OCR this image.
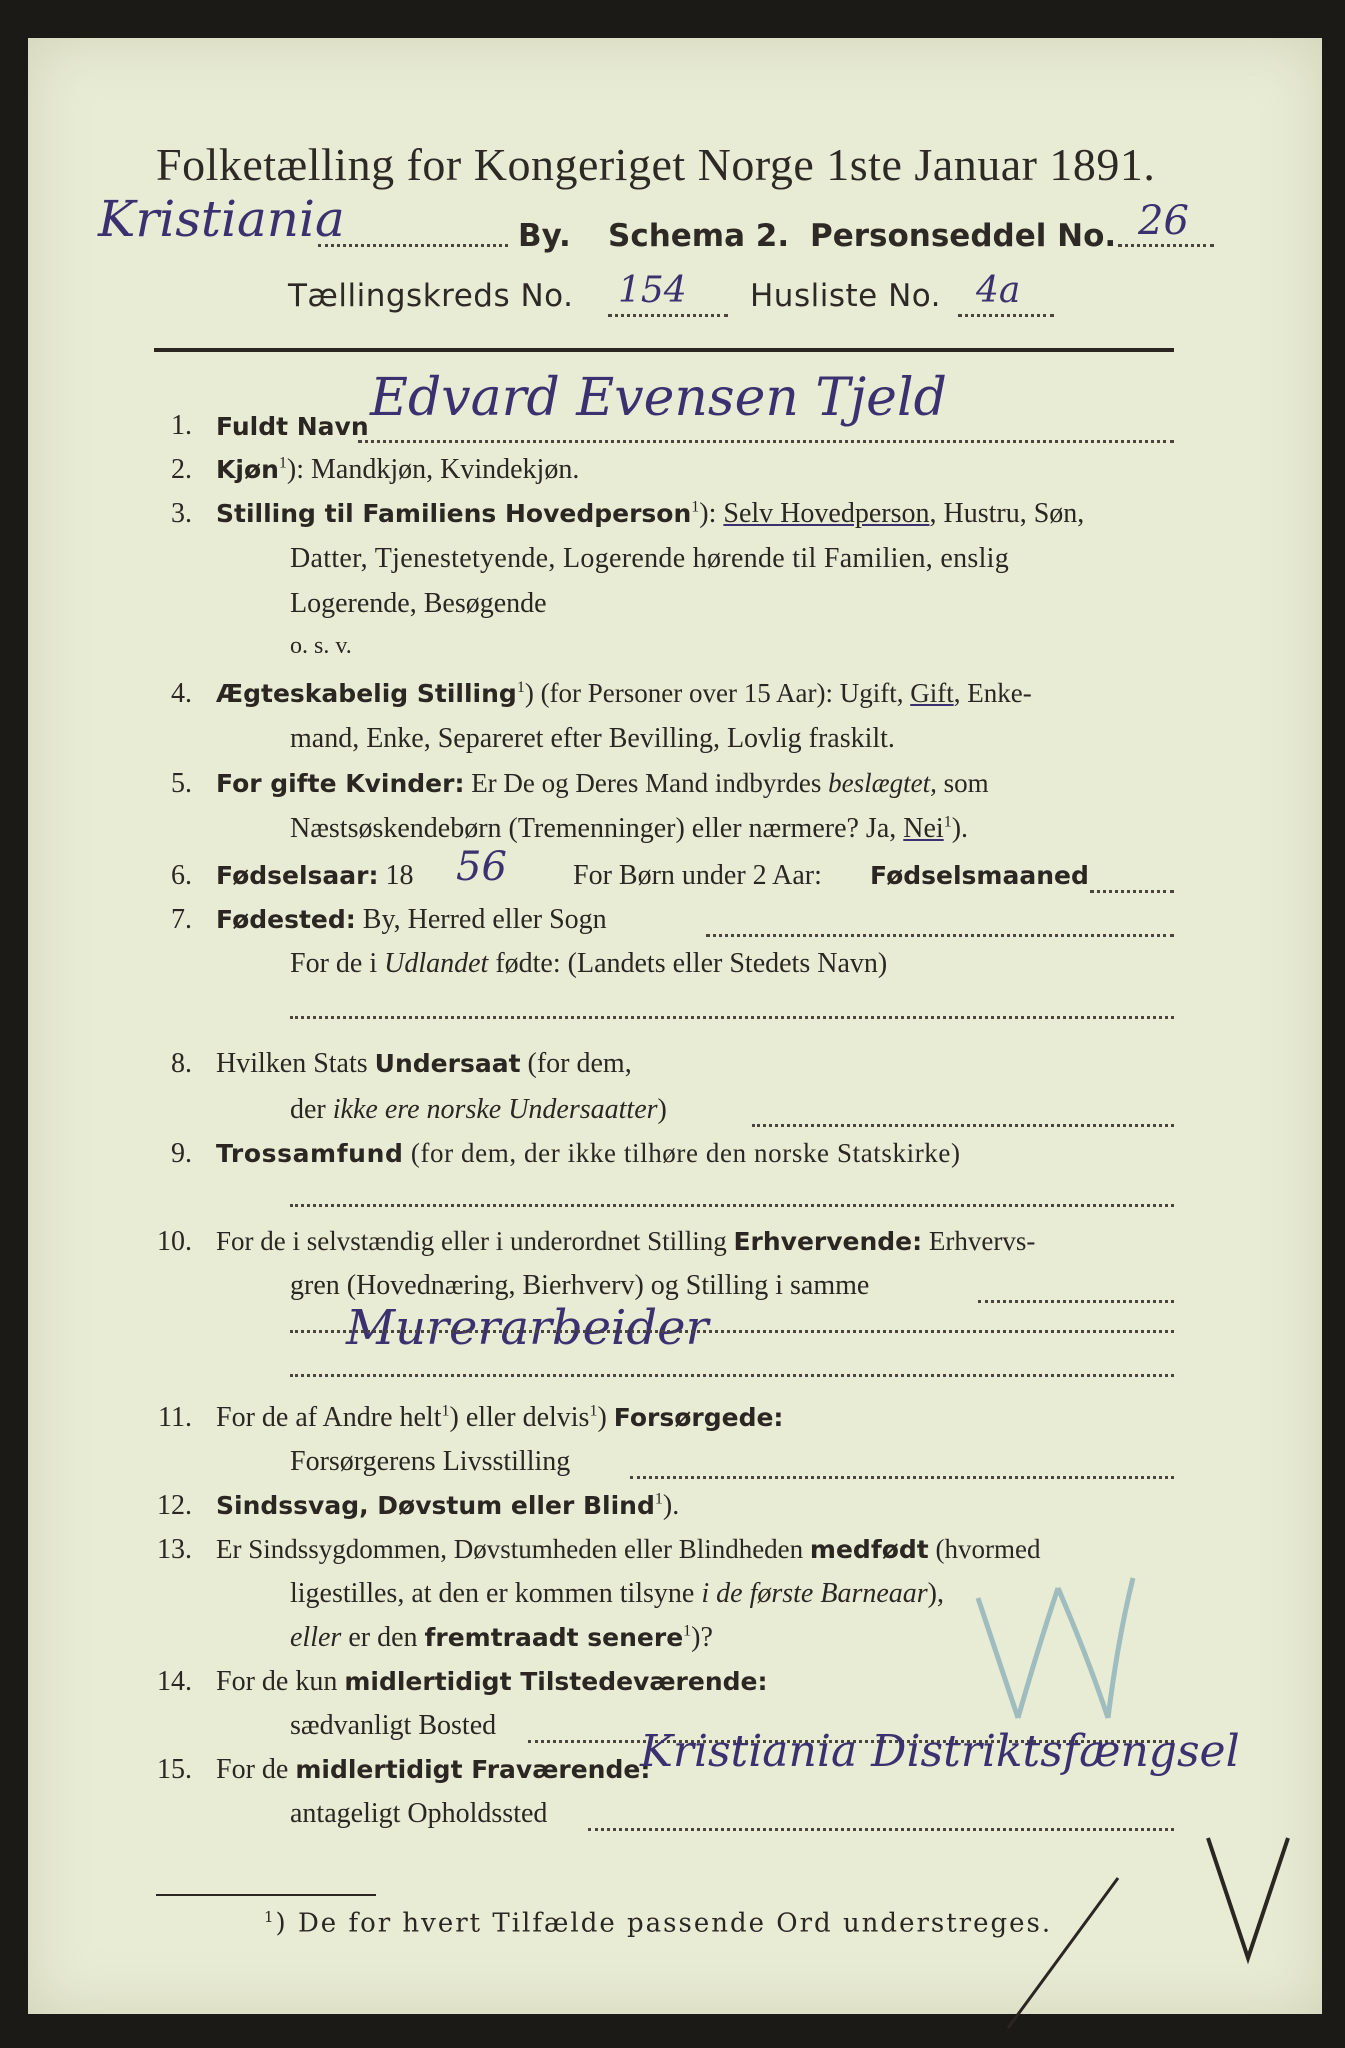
Folketælling for Kongeriget Norge 1ste Januar 1891.
Kristiania	By. Schema 2. Personseddel No. 26
Tællingskreds No. 154 Husliste No. 4a
1. Fuldt Navn Edvard Evensen Tjeld
2. Kjøn$^1$): Mandkjøn, Kvindekjøn.
3. Stilling til Familiens Hovedperson$^1$): Selv Hovedperson, Hustru, Søn,
Datter, Tjenestetyende, Logerende hørende til Familien, enslig
Logerende, Besøgende
o. s. v.
4. Ægteskabelig Stilling$^1$) (for Personer over 15 Aar): Ugift, Gift, Enke-
mand, Enke, Separeret efter Bevilling, Lovlig fraskilt.
5. For gifte Kvinder: Er De og Deres Mand indbyrdes beslægtet, som
Næstsøskendebørn (Tremenninger) eller nærmere? Ja, Nei$^1$).
6. Fødselsaar: 18 56 For Børn under 2 Aar: Fødselsmaaned
7. Fødested: By, Herred eller Sogn
For de i Udlandet fødte: (Landets eller Stedets Navn)
8. Hvilken Stats Undersaat (for dem,
der ikke ere norske Undersaatter)
9. Trossamfund (for dem, der ikke tilhøre den norske Statskirke)
10. For de i selvstændig eller i underordnet Stilling Erhvervende: Erhvervs-
gren (Hovednæring, Bierhverv) og Stilling i samme
Murerarbeider
11. For de af Andre helt$^1$) eller delvis$^1$) Forsørgede:
Forsørgerens Livsstilling
12. Sindssvag, Døvstum eller Blind$^1$).
13. Er Sindssygdommen, Døvstumheden eller Blindheden medfødt (hvormed
ligestilles, at den er kommen tilsyne i de første Barneaar),
eller er den fremtraadt senere$^1$)?
14. For de kun midlertidigt Tilstedeværende:
sædvanligt Bosted
15. For de midlertidigt Fraværende:
antageligt Opholdssted
Kristiania Distriktsfængsel
$^1$) De for hvert Tilfælde passende Ord understreges.
